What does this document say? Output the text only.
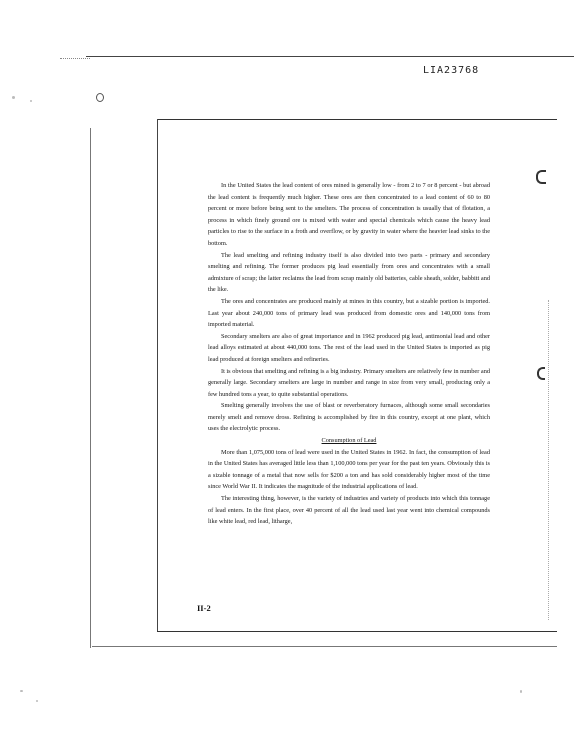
LIA23768

In the United States the lead content of ores mined is generally low - from 2 to 7 or 8 percent - but abroad the lead content is frequently much higher. These ores are then concentrated to a lead content of 60 to 80 percent or more before being sent to the smelters. The process of concentration is usually that of flotation, a process in which finely ground ore is mixed with water and special chemicals which cause the heavy lead particles to rise to the surface in a froth and overflow, or by gravity in water where the heavier lead sinks to the bottom.

The lead smelting and refining industry itself is also divided into two parts - primary and secondary smelting and refining. The former produces pig lead essentially from ores and concentrates with a small admixture of scrap; the latter reclaims the lead from scrap mainly old batteries, cable sheath, solder, babbitt and the like.

The ores and concentrates are produced mainly at mines in this country, but a sizable portion is imported. Last year about 240,000 tons of primary lead was produced from domestic ores and 140,000 tons from imported material.

Secondary smelters are also of great importance and in 1962 produced pig lead, antimonial lead and other lead alloys estimated at about 440,000 tons. The rest of the lead used in the United States is imported as pig lead produced at foreign smelters and refineries.

It is obvious that smelting and refining is a big industry. Primary smelters are relatively few in number and generally large. Secondary smelters are large in number and range in size from very small, producing only a few hundred tons a year, to quite substantial operations.

Smelting generally involves the use of blast or reverberatory furnaces, although some small secondaries merely smelt and remove dross. Refining is accomplished by fire in this country, except at one plant, which uses the electrolytic process.

Consumption of Lead

More than 1,075,000 tons of lead were used in the United States in 1962. In fact, the consumption of lead in the United States has averaged little less than 1,100,000 tons per year for the past ten years. Obviously this is a sizable tonnage of a metal that now sells for $200 a ton and has sold considerably higher most of the time since World War II. It indicates the magnitude of the industrial applications of lead.

The interesting thing, however, is the variety of industries and variety of products into which this tonnage of lead enters. In the first place, over 40 percent of all the lead used last year went into chemical compounds like white lead, red lead, litharge,

II-2
